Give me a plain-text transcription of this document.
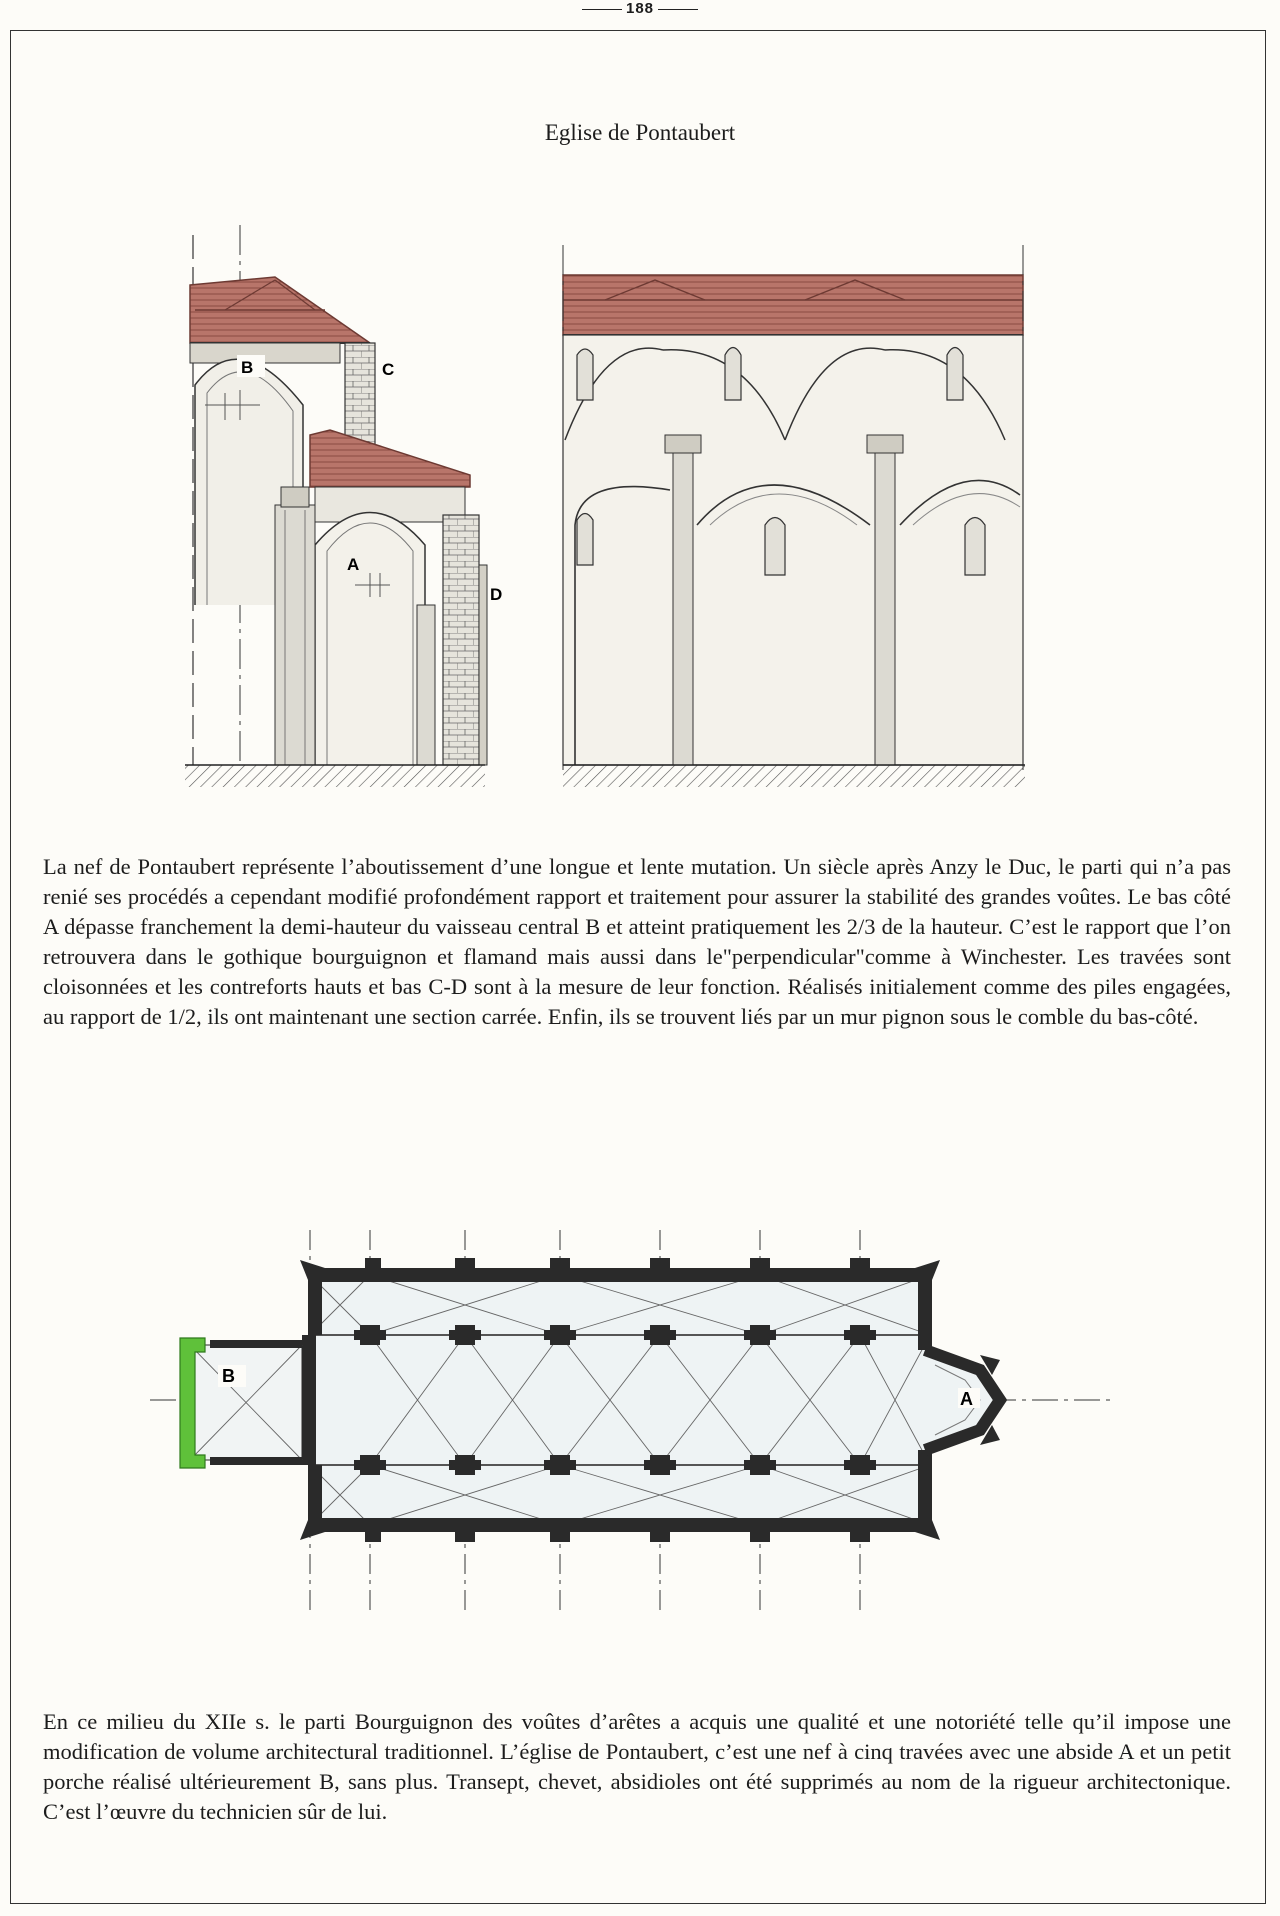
188
Eglise de Pontaubert
B	C
A
D
La nef de Pontaubert représente l’aboutissement d’une longue et lente mutation. Un siècle après Anzy le Duc, le parti qui n’a pas renié ses procédés a cependant modifié profondément rapport et traitement pour assurer la stabilité des grandes voûtes. Le bas côté A dépasse franchement la demi-hauteur du vaisseau central B et atteint pratiquement les 2/3 de la hauteur. C’est le rapport que l’on retrouvera dans le gothique bourguignon et flamand mais aussi dans le"perpendicular"comme à Winchester. Les travées sont cloisonnées et les contreforts hauts et bas C-D sont à la mesure de leur fonction. Réalisés initialement comme des piles engagées, au rapport de 1/2, ils ont maintenant une section carrée. Enfin, ils se trouvent liés par un mur pignon sous le comble du bas-côté.
A
B
En ce milieu du XIIe s. le parti Bourguignon des voûtes d’arêtes a acquis une qualité et une notoriété telle qu’il impose une modification de volume architectural traditionnel. L’église de Pontaubert, c’est une nef à cinq travées avec une abside A et un petit porche réalisé ultérieurement B, sans plus. Transept, chevet, absidioles ont été supprimés au nom de la rigueur architectonique. C’est l’œuvre du technicien sûr de lui.
